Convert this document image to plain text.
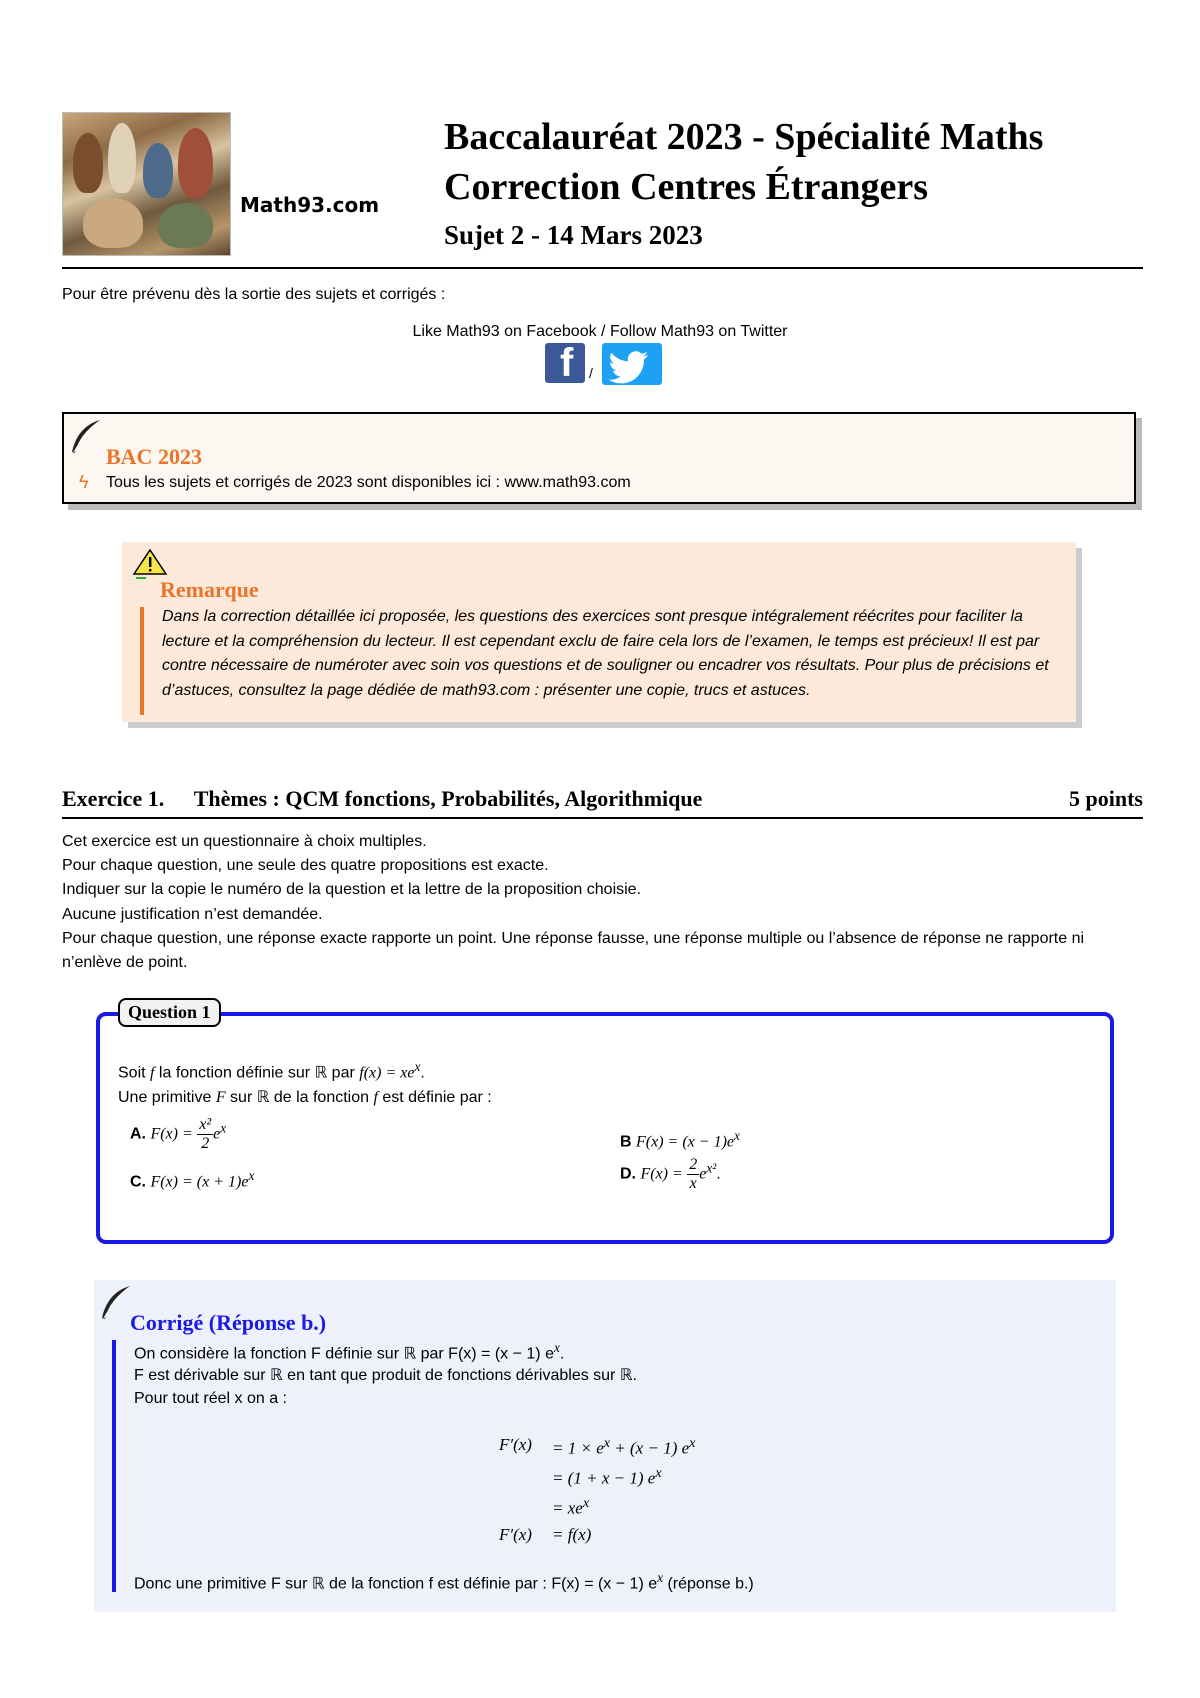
Math93.com
Baccalauréat 2023 - Spécialité Maths
Correction Centres Étrangers
Sujet 2 - 14 Mars 2023
Pour être prévenu dès la sortie des sujets et corrigés :
Like Math93 on Facebook / Follow Math93 on Twitter
f /
BAC 2023
ϟ Tous les sujets et corrigés de 2023 sont disponibles ici : www.math93.com
Remarque
Dans la correction détaillée ici proposée, les questions des exercices sont presque intégralement réécrites pour faciliter la lecture et la compréhension du lecteur. Il est cependant exclu de faire cela lors de l’examen, le temps est précieux! Il est par contre nécessaire de numéroter avec soin vos questions et de souligner ou encadrer vos résultats. Pour plus de précisions et d’astuces, consultez la page dédiée de math93.com : présenter une copie, trucs et astuces.
Exercice 1. Thèmes : QCM fonctions, Probabilités, Algorithmique	5 points
Cet exercice est un questionnaire à choix multiples.
Pour chaque question, une seule des quatre propositions est exacte.
Indiquer sur la copie le numéro de la question et la lettre de la proposition choisie.
Aucune justification n’est demandée.
Pour chaque question, une réponse exacte rapporte un point. Une réponse fausse, une réponse multiple ou l’absence de réponse ne rapporte ni n’enlève de point.
Question 1
Soit f la fonction définie sur ℝ par $f(x) = xe^x$.
Une primitive F sur ℝ de la fonction f est définie par :
A. $F(x) = \frac{\text{x²}}{2} e^x$
B $F(x) = (x - 1)e^x$
C. $F(x) = (x + 1)e^x$	D. $F(x) = \frac{2}{x} e^{x^2}$.
Corrigé (Réponse b.)
On considère la fonction F définie sur ℝ par F(x) = (x − 1) $e^x$.
F est dérivable sur ℝ en tant que produit de fonctions dérivables sur ℝ.
Pour tout réel x on a :
$F'(x) = 1 \times e^x + (x - 1)$ $e^x$
= (1 + x − 1) $e^x$
= $xe^x$
F′(x) = f(x)
Donc une primitive F sur ℝ de la fonction f est définie par : F(x) = (x − 1) $e^x$ (réponse b.)
